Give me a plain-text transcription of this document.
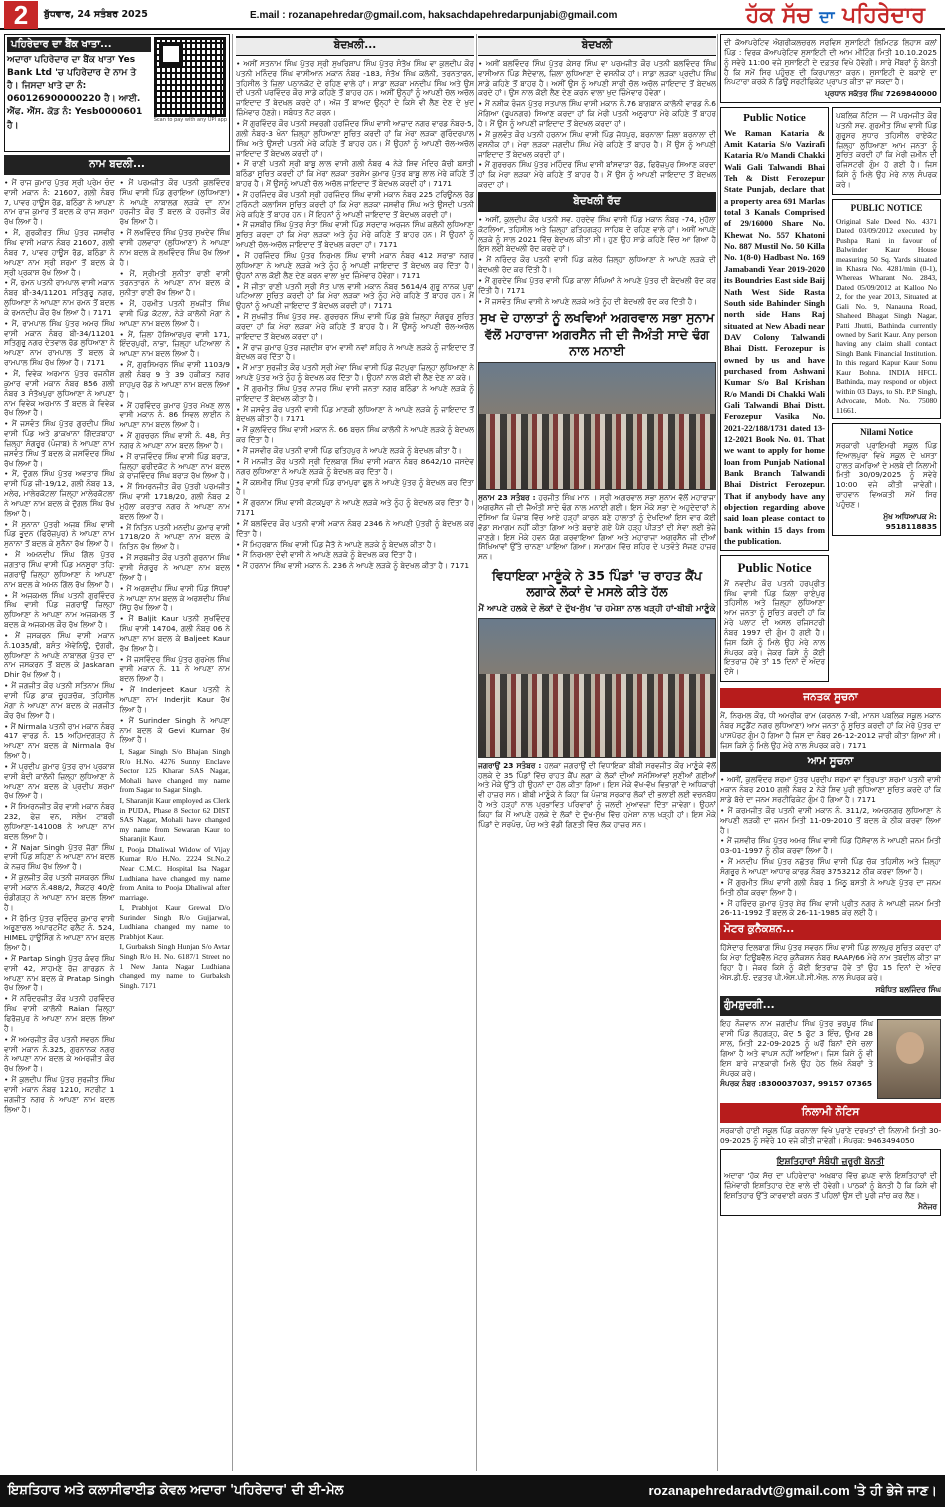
2	ਬੁੱਧਵਾਰ, 24 ਸਤੰਬਰ 2025	E.mail : rozanapehredar@gmail.com, haksachdapehredarpunjabi@gmail.com	ਹੱਕ ਸੱਚ ਦਾ ਪਹਿਰੇਦਾਰ
ਪਹਿਰੇਦਾਰ ਦਾ ਬੈਂਕ ਖਾਤਾ...
ਅਦਾਰਾ ਪਹਿਰੇਦਾਰ ਦਾ ਬੈਂਕ ਖਾਤਾ Yes Bank Ltd 'ਚ ਪਹਿਰੇਦਾਰ ਦੇ ਨਾਮ ਤੇ ਹੈ। ਜਿਸਦਾ ਖਾਤੇ ਦਾ ਨੰ: 060126900000220 ਹੈ। ਆਈ. ਐੱਫ. ਐੱਸ. ਕੋਡ ਨੰ: Yesb0000601 ਹੈ।
Scan to pay with any UPI app
ਨਾਮ ਬਦਲੀ...
• ਮੈਂ ਰਾਜ ਕੁਮਾਰ ਪੁੱਤਰ ਸ੍ਰੀ ਪ੍ਰੇਮ ਚੰਦ ਵਾਸੀ ਮਕਾਨ ਨੰ: 21607, ਗਲੀ ਨੰਬਰ 7, ਪਾਵਰ ਹਾਊਸ ਰੋਡ, ਬਠਿੰਡਾ ਨੇ ਆਪਣਾ ਨਾਮ ਰਾਜ ਕੁਮਾਰ ਤੋਂ ਬਦਲ ਕੇ ਰਾਜ ਸ਼ਰਮਾ ਰੱਖ ਲਿਆ ਹੈ।
• ਮੈਂ, ਗੁਰਕੀਰਤ ਸਿੰਘ ਪੁੱਤਰ ਜਸਵੀਰ ਸਿੰਘ ਵਾਸੀ ਮਕਾਨ ਨੰਬਰ 21607, ਗਲੀ ਨੰਬਰ 7, ਪਾਵਰ ਹਾਊਸ ਰੋਡ, ਬਠਿੰਡਾ ਨੇ ਆਪਣਾ ਨਾਮ ਸ੍ਰੀ ਸ਼ਰਮਾ ਤੋਂ ਬਦਲ ਕੇ ਸ੍ਰੀ ਪ੍ਰਕਾਸ਼ ਰੱਖ ਲਿਆ ਹੈ।
• ਮੈਂ, ਰਮਨ ਪਤਨੀ ਰਾਮਪਾਲ ਵਾਸੀ ਮਕਾਨ ਨੰਬਰ ਬੀ-34/11201 ਸਤਿਗੁਰੂ ਨਗਰ, ਲੁਧਿਆਣਾ ਨੇ ਆਪਣਾ ਨਾਮ ਰਮਨ ਤੋਂ ਬਦਲ ਕੇ ਰਮਨਦੀਪ ਕੌਰ ਰੱਖ ਲਿਆ ਹੈ। 7171
• ਮੈਂ, ਰਾਮਪਾਲ ਸਿੰਘ ਪੁੱਤਰ ਅਮਰ ਸਿੰਘ ਵਾਸੀ ਮਕਾਨ ਨੰਬਰ ਬੀ-34/11201 ਸਤਿਗੁਰੂ ਨਗਰ ਦੇਤਵਾਲ ਰੋਡ ਲੁਧਿਆਣਾ ਨੇ ਆਪਣਾ ਨਾਮ ਰਾਮਪਾਲ ਤੋਂ ਬਦਲ ਕੇ ਰਾਮਪਾਲ ਸਿੰਘ ਰੱਖ ਲਿਆ ਹੈ। 7171
• ਮੈਂ, ਵਿਵੇਕ ਅਰਮਾਨ ਪੁੱਤਰ ਰਜਨੀਸ਼ ਕੁਮਾਰ ਵਾਸੀ ਮਕਾਨ ਨੰਬਰ 856 ਗਲੀ ਨੰਬਰ 3 ਸੰਤੋਖਪੁਰਾ ਲੁਧਿਆਣਾ ਨੇ ਆਪਣਾ ਨਾਮ ਵਿਵੇਕ ਅਰਮਾਨ ਤੋਂ ਬਦਲ ਕੇ ਵਿਵੇਕ ਰੱਖ ਲਿਆ ਹੈ।
• ਮੈਂ ਜਸਵੰਤ ਸਿੰਘ ਪੁੱਤਰ ਗੁਰਦੀਪ ਸਿੰਘ ਵਾਸੀ ਪਿੰਡ ਅਤੇ ਡਾਕਖਾਨਾ ਗਿੱਦੜਬਾਹਾ ਜ਼ਿਲ੍ਹਾ ਸੰਗਰੂਰ (ਪੰਜਾਬ) ਨੇ ਆਪਣਾ ਨਾਮ ਜਸਵੰਤ ਸਿੰਘ ਤੋਂ ਬਦਲ ਕੇ ਜਸਵਿੰਦਰ ਸਿੰਘ ਰੱਖ ਲਿਆ ਹੈ।
• ਮੈਂ, ਦੁੱਗਲ ਸਿੰਘ ਪੁੱਤਰ ਅਵਤਾਰ ਸਿੰਘ ਵਾਸੀ ਪਿੰਡ ਜੀ-19/12, ਗਲੀ ਨੰਬਰ 13, ਮਲੇਰ, ਮਾਲੇਰਕੋਟਲਾ ਜਿਲ੍ਹਾ ਮਾਲੇਰਕੋਟਲਾ ਨੇ ਆਪਣਾ ਨਾਮ ਬਦਲ ਕੇ ਦੁੱਗਲ ਸਿੰਘ ਰੱਖ ਲਿਆ ਹੈ।
• ਮੈਂ ਸੁਨਾਨਾ ਪੁੱਤਰੀ ਅਜਬ ਸਿੰਘ ਵਾਸੀ ਪਿੰਡ ਭੂਦਨ (ਫਿਰੋਜ਼ਪੁਰ) ਨੇ ਆਪਣਾ ਨਾਮ ਸੁਨਾਨਾ ਤੋਂ ਬਦਲ ਕੇ ਸੁਨੈਨਾ ਰੱਖ ਲਿਆ ਹੈ।
• ਮੈਂ ਅਮਨਦੀਪ ਸਿੰਘ ਗਿੱਲ ਪੁੱਤਰ ਜਗਤਾਰ ਸਿੰਘ ਵਾਸੀ ਪਿੰਡ ਮਨਸੂਰਾ ਤਹਿ: ਜਗਰਾਉਂ ਜ਼ਿਲ੍ਹਾ ਲੁਧਿਆਣਾ ਨੇ ਆਪਣਾ ਨਾਮ ਬਦਲ ਕੇ ਅਮਨ ਗਿੱਲ ਰੱਖ ਲਿਆ ਹੈ।
• ਮੈਂ ਅਜਕਮਲ ਸਿੰਘ ਪਤਨੀ ਗੁਰਵਿੰਦਰ ਸਿੰਘ ਵਾਸੀ ਪਿੰਡ ਜਗਰਾਉਂ ਜ਼ਿਲ੍ਹਾ ਲੁਧਿਆਣਾ ਨੇ ਆਪਣਾ ਨਾਮ ਅਜਕਮਲ ਤੋਂ ਬਦਲ ਕੇ ਅਜਕਮਲ ਕੌਰ ਰੱਖ ਲਿਆ ਹੈ।
• ਮੈਂ ਜਸਕਰਨ ਸਿੰਘ ਵਾਸੀ ਮਕਾਨ ਨੰ.1035/ਬੀ, ਬਸੰਤ ਐਵੇਨਿਊ, ਦੁੱਗਰੀ, ਲੁਧਿਆਣਾ ਨੇ ਆਪਣੇ ਨਾਬਾਲਗ ਪੁੱਤਰ ਦਾ ਨਾਮ ਜਸਕਰਨ ਤੋਂ ਬਦਲ ਕੇ Jaskaran Dhir ਰੱਖ ਲਿਆ ਹੈ।
• ਮੈਂ ਜਗਜੀਤ ਕੌਰ ਪਤਨੀ ਸਤਿਨਾਮ ਸਿੰਘ ਵਾਸੀ ਪਿੰਡ ਡਾਕ ਚੂਹੜਚੱਕ, ਤਹਿਸੀਲ ਮੋਗਾ ਨੇ ਆਪਣਾ ਨਾਮ ਬਦਲ ਕੇ ਜਗਜੀਤ ਕੌਰ ਰੱਖ ਲਿਆ ਹੈ।
• ਮੈਂ Nirmala ਪਤਨੀ ਰਾਮ ਮਕਾਨ ਨੰਬਰ 417 ਵਾਰਡ ਨੰ. 15 ਅਹਿਮਦਗੜ੍ਹ ਨੇ ਆਪਣਾ ਨਾਮ ਬਦਲ ਕੇ Nirmala ਰੱਖ ਲਿਆ ਹੈ।
• ਮੈਂ ਪ੍ਰਦੀਪ ਕੁਮਾਰ ਪੁੱਤਰ ਰਾਮ ਪ੍ਰਕਾਸ਼ ਵਾਸੀ ਬੇਦੀ ਕਾਲੋਨੀ ਜ਼ਿਲ੍ਹਾ ਲੁਧਿਆਣਾ ਨੇ ਆਪਣਾ ਨਾਮ ਬਦਲ ਕੇ ਪ੍ਰਦੀਪ ਸ਼ਰਮਾ ਰੱਖ ਲਿਆ ਹੈ।
• ਮੈਂ ਸਿਮਰਨਜੀਤ ਕੌਰ ਵਾਸੀ ਮਕਾਨ ਨੰਬਰ 232, ਫੇਜ਼ ਵਨ, ਸਲੇਮ ਟਾਬਰੀ ਲੁਧਿਆਣਾ-141008 ਨੇ ਆਪਣਾ ਨਾਮ ਬਦਲ ਲਿਆ ਹੈ।
• ਮੈਂ Najar Singh ਪੁੱਤਰ ਜੋਗਾ ਸਿੰਘ ਵਾਸੀ ਪਿੰਡ ਸ਼ਹਿਣਾ ਨੇ ਆਪਣਾ ਨਾਮ ਬਦਲ ਕੇ ਨਜ਼ਰ ਸਿੰਘ ਰੱਖ ਲਿਆ ਹੈ।
• ਮੈਂ ਕੁਲਜੀਤ ਕੌਰ ਪਤਨੀ ਜਸਕਰਨ ਸਿੰਘ ਵਾਸੀ ਮਕਾਨ ਨੰ.488/2, ਸੈਕਟਰ 40/ਏ ਚੰਡੀਗੜ੍ਹ ਨੇ ਆਪਣਾ ਨਾਮ ਬਦਲ ਲਿਆ ਹੈ।
• ਮੈਂ ਰੋਮਿਤ ਪੁੱਤਰ ਵਰਿੰਦਰ ਕੁਮਾਰ ਵਾਸੀ ਅਰੂਣਾਚਲ ਅਪਾਰਟਮੈਂਟ ਫਲੈਟ ਨੰ. 524, HIMEL ਹਾਊਸਿੰਗ ਨੇ ਆਪਣਾ ਨਾਮ ਬਦਲ ਲਿਆ ਹੈ।
• ਮੈਂ Partap Singh ਪੁੱਤਰ ਕੰਵਰ ਸਿੰਘ ਵਾਸੀ 42, ਸਾਹਮਣੇ ਰੋਜ਼ ਗਾਰਡਨ ਨੇ ਆਪਣਾ ਨਾਮ ਬਦਲ ਕੇ Pratap Singh ਰੱਖ ਲਿਆ ਹੈ।
• ਮੈਂ ਨਰਿੰਦਰਜੀਤ ਕੌਰ ਪਤਨੀ ਹਰਵਿੰਦਰ ਸਿੰਘ ਵਾਸੀ ਕਾਲੋਨੀ Raian ਜ਼ਿਲ੍ਹਾ ਫਿਰੋਜ਼ਪੁਰ ਨੇ ਆਪਣਾ ਨਾਮ ਬਦਲ ਲਿਆ ਹੈ।
• ਮੈਂ ਅਮਰਜੀਤ ਕੌਰ ਪਤਨੀ ਸਵਰਨ ਸਿੰਘ ਵਾਸੀ ਮਕਾਨ ਨੰ.325, ਗੁਰਨਾਨਕ ਨਗਰ ਨੇ ਆਪਣਾ ਨਾਮ ਬਦਲ ਕੇ ਅਮਰਜੀਤ ਕੌਰ ਰੱਖ ਲਿਆ ਹੈ।
• ਮੈਂ ਕੁਲਦੀਪ ਸਿੰਘ ਪੁੱਤਰ ਸੁਰਜੀਤ ਸਿੰਘ ਵਾਸੀ ਮਕਾਨ ਨੰਬਰ 1210, ਸਟਰੀਟ 1 ਜਗਜੀਤ ਨਗਰ ਨੇ ਆਪਣਾ ਨਾਮ ਬਦਲ ਲਿਆ ਹੈ।
• ਮੈਂ ਪਰਮਜੀਤ ਕੌਰ ਪਤਨੀ ਕੁਲਵਿੰਦਰ ਸਿੰਘ ਵਾਸੀ ਪਿੰਡ ਗੁਰਾਇਆ (ਲੁਧਿਆਣਾ) ਨੇ ਆਪਣੇ ਨਾਬਾਲਗ ਲੜਕੇ ਦਾ ਨਾਮ ਹਰਜੀਤ ਕੌਰ ਤੋਂ ਬਦਲ ਕੇ ਹਰਜੀਤ ਕੌਰ ਰੱਖ ਲਿਆ ਹੈ।
• ਮੈਂ ਲਖਵਿੰਦਰ ਸਿੰਘ ਪੁੱਤਰ ਸੁਖਦੇਵ ਸਿੰਘ ਵਾਸੀ ਹਲਵਾਰਾ (ਲੁਧਿਆਣਾ) ਨੇ ਆਪਣਾ ਨਾਮ ਬਦਲ ਕੇ ਲਖਵਿੰਦਰ ਸਿੰਘ ਰੱਖ ਲਿਆ ਹੈ।
• ਮੈਂ, ਸ੍ਰੀਮਤੀ ਸੁਨੀਤਾ ਰਾਣੀ ਵਾਸੀ ਤਰਨਤਾਰਨ ਨੇ ਆਪਣਾ ਨਾਮ ਬਦਲ ਕੇ ਸੁਨੀਤਾ ਰਾਣੀ ਰੱਖ ਲਿਆ ਹੈ।
• ਮੈਂ, ਹਰਮੀਤ ਪਤਨੀ ਸੁਖਜੀਤ ਸਿੰਘ ਵਾਸੀ ਪਿੰਡ ਕੋਟਲਾ, ਨੇੜੇ ਕਾਲੋਨੀ ਮੋਗਾ ਨੇ ਆਪਣਾ ਨਾਮ ਬਦਲ ਲਿਆ ਹੈ।
• ਮੈਂ, ਜ਼ਿਲਾ ਹੋਸ਼ਿਆਰਪੁਰ ਵਾਸੀ 171, ਇੰਦਰਪੁਰੀ, ਨਾਭਾ, ਜ਼ਿਲ੍ਹਾ ਪਟਿਆਲਾ ਨੇ ਆਪਣਾ ਨਾਮ ਬਦਲ ਲਿਆ ਹੈ।
• ਮੈਂ, ਗੁਰਸਿਮਰਨ ਸਿੰਘ ਵਾਸੀ 1103/9 ਗਲੀ ਨੰਬਰ 9 ਤੇ 39 ਹਕੀਕਤ ਨਗਰ ਸ਼ਾਹਪੁਰ ਰੋਡ ਨੇ ਆਪਣਾ ਨਾਮ ਬਦਲ ਲਿਆ ਹੈ।
• ਮੈਂ ਹਰਵਿੰਦਰ ਕੁਮਾਰ ਪੁੱਤਰ ਮੱਖਣ ਲਾਲ ਵਾਸੀ ਮਕਾਨ ਨੰ. 86 ਸਿਵਲ ਲਾਈਨ ਨੇ ਆਪਣਾ ਨਾਮ ਬਦਲ ਲਿਆ ਹੈ।
• ਮੈਂ ਗੁਰਚਰਨ ਸਿੰਘ ਵਾਸੀ ਨੰ. 48, ਸੰਤ ਨਗਰ ਨੇ ਆਪਣਾ ਨਾਮ ਬਦਲ ਲਿਆ ਹੈ।
• ਮੈਂ ਰਾਜਵਿੰਦਰ ਸਿੰਘ ਵਾਸੀ ਪਿੰਡ ਬਰਾੜ, ਜ਼ਿਲ੍ਹਾ ਫਰੀਦਕੋਟ ਨੇ ਆਪਣਾ ਨਾਮ ਬਦਲ ਕੇ ਰਾਜਵਿੰਦਰ ਸਿੰਘ ਬਰਾੜ ਰੱਖ ਲਿਆ ਹੈ।
• ਮੈਂ ਸਿਮਰਨਜੀਤ ਕੌਰ ਪੁੱਤਰੀ ਪਰਮਜੀਤ ਸਿੰਘ ਵਾਸੀ 1718/20, ਗਲੀ ਨੰਬਰ 2 ਮੁਹੱਲਾ ਕਰਤਾਰ ਨਗਰ ਨੇ ਆਪਣਾ ਨਾਮ ਬਦਲ ਲਿਆ ਹੈ।
• ਮੈਂ ਨਿਤਿਨ ਪਤਨੀ ਮਨਦੀਪ ਕੁਮਾਰ ਵਾਸੀ 1718/20 ਨੇ ਆਪਣਾ ਨਾਮ ਬਦਲ ਕੇ ਨਿਤਿਨ ਰੱਖ ਲਿਆ ਹੈ।
• ਮੈਂ ਸਰਬਜੀਤ ਕੌਰ ਪਤਨੀ ਗੁਰਨਾਮ ਸਿੰਘ ਵਾਸੀ ਸੰਗਰੂਰ ਨੇ ਆਪਣਾ ਨਾਮ ਬਦਲ ਲਿਆ ਹੈ।
• ਮੈਂ ਅਰਸ਼ਦੀਪ ਸਿੰਘ ਵਾਸੀ ਪਿੰਡ ਸਿੱਧਵਾਂ ਨੇ ਆਪਣਾ ਨਾਮ ਬਦਲ ਕੇ ਅਰਸ਼ਦੀਪ ਸਿੰਘ ਸਿੱਧੂ ਰੱਖ ਲਿਆ ਹੈ।
• ਮੈਂ Baljit Kaur ਪਤਨੀ ਸੁਖਵਿੰਦਰ ਸਿੰਘ ਵਾਸੀ 14704, ਗਲੀ ਨੰਬਰ 06 ਨੇ ਆਪਣਾ ਨਾਮ ਬਦਲ ਕੇ Baljeet Kaur ਰੱਖ ਲਿਆ ਹੈ।
• ਮੈਂ ਜਸਵਿੰਦਰ ਸਿੰਘ ਪੁੱਤਰ ਗੁਰਮੇਲ ਸਿੰਘ ਵਾਸੀ ਮਕਾਨ ਨੰ. 11 ਨੇ ਆਪਣਾ ਨਾਮ ਬਦਲ ਲਿਆ ਹੈ।
• ਮੈਂ Inderjeet Kaur ਪਤਨੀ ਨੇ ਆਪਣਾ ਨਾਮ Inderjit Kaur ਰੱਖ ਲਿਆ ਹੈ।
• ਮੈਂ Surinder Singh ਨੇ ਆਪਣਾ ਨਾਮ ਬਦਲ ਕੇ Gevi Kumar ਰੱਖ ਲਿਆ ਹੈ।
I, Sagar Singh S/o Bhajan Singh R/o H.No. 4276 Sunny Enclave Sector 125 Kharar SAS Nagar, Mohali have changed my name from Sagar to Sagar Singh.
I, Sharanjit Kaur employed as Clerk in PUDA, Phase 8 Sector 62 DIST SAS Nagar, Mohali have changed my name from Sewaran Kaur to Sharanjit Kaur.
I, Pooja Dhaliwal Widow of Vijay Kumar R/o H.No. 2224 St.No.2 Near C.M.C. Hospital Isa Nagar Ludhiana have changed my name from Anita to Pooja Dhaliwal after marriage.
I, Prabhjot Kaur Grewal D/o Surinder Singh R/o Gujjarwal, Ludhiana changed my name to Prabhjot Kaur.
I, Gurbaksh Singh Hunjan S/o Avtar Singh R/o H. No. 6187/1 Street no 1 New Janta Nagar Ludhiana changed my name to Gurbaksh Singh. 7171
ਬੇਦਖ਼ਲੀ...
• ਅਸੀਂ ਸਤਨਾਮ ਸਿੰਘ ਪੁੱਤਰ ਸ੍ਰੀ ਸੁਖਰਿਸ਼ਾਪ ਸਿੰਘ ਪੁੱਤਰ ਸੰਤੋਖ ਸਿੰਘ ਵਾ ਕੁਲਦੀਪ ਕੌਰ ਪਤਨੀ ਮਨਿੰਦਰ ਸਿੰਘ ਵਾਸੀਆਨ ਮਕਾਨ ਨੰਬਰ -183, ਸੰਤੋਖ ਸਿੰਘ ਕਲੋਨੀ, ਤਰਨਤਾਰਨ, ਤਹਿਸੀਲ ਤੇ ਜ਼ਿਲਾ ਪਠਾਨਕੋਟ ਦੇ ਰਹਿਣ ਵਾਲੇ ਹਾਂ। ਸਾਡਾ ਲੜਕਾ ਮਨਦੀਪ ਸਿੰਘ ਅਤੇ ਉਸ ਦੀ ਪਤਨੀ ਪਰਵਿੰਦਰ ਕੌਰ ਸਾਡੇ ਕਹਿਣੇ ਤੋਂ ਬਾਹਰ ਹਨ। ਅਸੀਂ ਉਨ੍ਹਾਂ ਨੂੰ ਆਪਣੀ ਚੱਲ ਅਚੱਲ ਜਾਇਦਾਦ ਤੋਂ ਬੇਦਖ਼ਲ ਕਰਦੇ ਹਾਂ। ਅੱਜ ਤੋਂ ਬਾਅਦ ਉਨ੍ਹਾਂ ਦੇ ਕਿਸੇ ਵੀ ਲੈਣ ਦੇਣ ਦੇ ਖੁਦ ਜ਼ਿੰਮੇਵਾਰ ਹੋਣਗੇ। ਸਬੰਧਤ ਨੋਟ ਕਰਨ।
• ਮੈਂ ਗੁਰਵਿੰਦਰ ਕੌਰ ਪਤਨੀ ਸਵਰਗੀ ਹਰਜਿੰਦਰ ਸਿੰਘ ਵਾਸੀ ਆਜ਼ਾਦ ਨਗਰ ਵਾਰਡ ਨੰਬਰ-5, ਗਲੀ ਨੰਬਰ-3 ਖੰਨਾ ਜ਼ਿਲ੍ਹਾ ਲੁਧਿਆਣਾ ਸੂਚਿਤ ਕਰਦੀ ਹਾਂ ਕਿ ਮੇਰਾ ਲੜਕਾ ਗੁਰਿੰਦਰਪਾਲ ਸਿੰਘ ਅਤੇ ਉਸਦੀ ਪਤਨੀ ਮੇਰੇ ਕਹਿਣੇ ਤੋਂ ਬਾਹਰ ਹਨ। ਮੈਂ ਉਹਨਾਂ ਨੂੰ ਆਪਣੀ ਚੱਲ-ਅਚੱਲ ਜਾਇਦਾਦ ਤੋਂ ਬੇਦਖਲ ਕਰਦੀ ਹਾਂ।
• ਮੈਂ ਰਾਣੀ ਪਤਨੀ ਸ੍ਰੀ ਬਾਬੂ ਲਾਲ ਵਾਸੀ ਗਲੀ ਨੰਬਰ 4 ਨੇੜੇ ਸ਼ਿਵ ਮੰਦਿਰ ਕੱਚੀ ਬਸਤੀ ਬਠਿੰਡਾ ਸੂਚਿਤ ਕਰਦੀ ਹਾਂ ਕਿ ਮੇਰਾ ਲੜਕਾ ਤਰਸੇਮ ਕੁਮਾਰ ਪੁੱਤਰ ਬਾਬੂ ਲਾਲ ਮੇਰੇ ਕਹਿਣੇ ਤੋਂ ਬਾਹਰ ਹੈ। ਮੈਂ ਉਸਨੂੰ ਆਪਣੀ ਚੱਲ ਅਚੱਲ ਜਾਇਦਾਦ ਤੋਂ ਬੇਦਖਲ ਕਰਦੀ ਹਾਂ। 7171
• ਮੈਂ ਹਰਜਿੰਦਰ ਕੌਰ ਪਤਨੀ ਸ੍ਰੀ ਹਰਜਿੰਦਰ ਸਿੰਘ ਵਾਸੀ ਮਕਾਨ ਨੰਬਰ 225 ਟਰਿਊਨਲ ਰੋਡ ਟਰਿੰਨਟੀ ਕਲਾਸਿਸ ਸੂਚਿਤ ਕਰਦੀ ਹਾਂ ਕਿ ਮੇਰਾ ਲੜਕਾ ਜਸਵੀਰ ਸਿੰਘ ਅਤੇ ਉਸਦੀ ਪਤਨੀ ਮੇਰੇ ਕਹਿਣੇ ਤੋਂ ਬਾਹਰ ਹਨ। ਮੈਂ ਇਹਨਾਂ ਨੂੰ ਆਪਣੀ ਜਾਇਦਾਦ ਤੋਂ ਬੇਦਖਲ ਕਰਦੀ ਹਾਂ।
• ਮੈਂ ਜਸਬੀਰ ਸਿੰਘ ਪੁੱਤਰ ਸੰਤਾ ਸਿੰਘ ਵਾਸੀ ਪਿੰਡ ਸਰਦਾਰ ਅਰਜਨ ਸਿੰਘ ਕਲੋਨੀ ਲੁਧਿਆਣਾ ਸੂਚਿਤ ਕਰਦਾ ਹਾਂ ਕਿ ਮੇਰਾ ਲੜਕਾ ਅਤੇ ਨੂੰਹ ਮੇਰੇ ਕਹਿਣੇ ਤੋਂ ਬਾਹਰ ਹਨ। ਮੈਂ ਉਹਨਾਂ ਨੂੰ ਆਪਣੀ ਚੱਲ-ਅਚੱਲ ਜਾਇਦਾਦ ਤੋਂ ਬੇਦਖਲ ਕਰਦਾ ਹਾਂ। 7171
• ਮੈਂ ਹਰਜਿੰਦਰ ਸਿੰਘ ਪੁੱਤਰ ਨਿਰਮਲ ਸਿੰਘ ਵਾਸੀ ਮਕਾਨ ਨੰਬਰ 412 ਸਰਾਭਾ ਨਗਰ ਲੁਧਿਆਣਾ ਨੇ ਆਪਣੇ ਲੜਕੇ ਅਤੇ ਨੂੰਹ ਨੂੰ ਆਪਣੀ ਜਾਇਦਾਦ ਤੋਂ ਬੇਦਖਲ ਕਰ ਦਿੱਤਾ ਹੈ। ਉਹਨਾਂ ਨਾਲ ਕੋਈ ਲੈਣ ਦੇਣ ਕਰਨ ਵਾਲਾ ਖੁਦ ਜ਼ਿੰਮੇਵਾਰ ਹੋਵੇਗਾ। 7171
• ਮੈਂ ਜੀਤਾ ਰਾਣੀ ਪਤਨੀ ਸ੍ਰੀ ਸੱਤ ਪਾਲ ਵਾਸੀ ਮਕਾਨ ਨੰਬਰ 5614/4 ਗੁਰੂ ਨਾਨਕ ਪੁਰਾ ਪਟਿਆਲਾ ਸੂਚਿਤ ਕਰਦੀ ਹਾਂ ਕਿ ਮੇਰਾ ਲੜਕਾ ਅਤੇ ਨੂੰਹ ਮੇਰੇ ਕਹਿਣੇ ਤੋਂ ਬਾਹਰ ਹਨ। ਮੈਂ ਉਹਨਾਂ ਨੂੰ ਆਪਣੀ ਜਾਇਦਾਦ ਤੋਂ ਬੇਦਖਲ ਕਰਦੀ ਹਾਂ। 7171
• ਮੈਂ ਸੁਖਜੀਤ ਸਿੰਘ ਪੁੱਤਰ ਸਵ. ਗੁਰਚਰਨ ਸਿੰਘ ਵਾਸੀ ਪਿੰਡ ਕੁੱਬੇ ਜ਼ਿਲ੍ਹਾ ਸੰਗਰੂਰ ਸੂਚਿਤ ਕਰਦਾ ਹਾਂ ਕਿ ਮੇਰਾ ਲੜਕਾ ਮੇਰੇ ਕਹਿਣੇ ਤੋਂ ਬਾਹਰ ਹੈ। ਮੈਂ ਉਸਨੂੰ ਆਪਣੀ ਚੱਲ-ਅਚੱਲ ਜਾਇਦਾਦ ਤੋਂ ਬੇਦਖਲ ਕਰਦਾ ਹਾਂ।
• ਮੈਂ ਰਾਜ ਕੁਮਾਰ ਪੁੱਤਰ ਜਗਦੀਸ਼ ਰਾਮ ਵਾਸੀ ਨਵਾਂ ਸ਼ਹਿਰ ਨੇ ਆਪਣੇ ਲੜਕੇ ਨੂੰ ਜਾਇਦਾਦ ਤੋਂ ਬੇਦਖਲ ਕਰ ਦਿੱਤਾ ਹੈ।
• ਮੈਂ ਮਾਤਾ ਸੁਰਜੀਤ ਕੌਰ ਪਤਨੀ ਸ੍ਰੀ ਮੇਵਾ ਸਿੰਘ ਵਾਸੀ ਪਿੰਡ ਜੱਟਪੁਰਾ ਜ਼ਿਲ੍ਹਾ ਲੁਧਿਆਣਾ ਨੇ ਆਪਣੇ ਪੁੱਤਰ ਅਤੇ ਨੂੰਹ ਨੂੰ ਬੇਦਖਲ ਕਰ ਦਿੱਤਾ ਹੈ। ਉਹਨਾਂ ਨਾਲ ਕੋਈ ਵੀ ਲੈਣ ਦੇਣ ਨਾ ਕਰੇ।
• ਮੈਂ ਗੁਰਮੀਤ ਸਿੰਘ ਪੁੱਤਰ ਨਾਜਰ ਸਿੰਘ ਵਾਸੀ ਜਨਤਾ ਨਗਰ ਬਠਿੰਡਾ ਨੇ ਆਪਣੇ ਲੜਕੇ ਨੂੰ ਜਾਇਦਾਦ ਤੋਂ ਬੇਦਖਲ ਕੀਤਾ ਹੈ।
• ਮੈਂ ਜਸਵੰਤ ਕੌਰ ਪਤਨੀ ਵਾਸੀ ਪਿੰਡ ਮਾਣਕੀ ਲੁਧਿਆਣਾ ਨੇ ਆਪਣੇ ਲੜਕੇ ਨੂੰ ਜਾਇਦਾਦ ਤੋਂ ਬੇਦਖਲ ਕੀਤਾ ਹੈ। 7171
• ਮੈਂ ਕੁਲਵਿੰਦਰ ਸਿੰਘ ਵਾਸੀ ਮਕਾਨ ਨੰ. 66 ਬਚਨ ਸਿੰਘ ਕਾਲੋਨੀ ਨੇ ਆਪਣੇ ਲੜਕੇ ਨੂੰ ਬੇਦਖਲ ਕਰ ਦਿੱਤਾ ਹੈ।
• ਮੈਂ ਜਸਵੀਰ ਕੌਰ ਪਤਨੀ ਵਾਸੀ ਪਿੰਡ ਫਤਿਹਪੁਰ ਨੇ ਆਪਣੇ ਲੜਕੇ ਨੂੰ ਬੇਦਖਲ ਕੀਤਾ ਹੈ।
• ਮੈਂ ਮਨਜੀਤ ਕੌਰ ਪਤਨੀ ਸ੍ਰੀ ਦਿਲਬਾਗ ਸਿੰਘ ਵਾਸੀ ਮਕਾਨ ਨੰਬਰ 8642/10 ਜਸਦੇਵ ਨਗਰ ਲੁਧਿਆਣਾ ਨੇ ਆਪਣੇ ਲੜਕੇ ਨੂੰ ਬੇਦਖਲ ਕਰ ਦਿੱਤਾ ਹੈ।
• ਮੈਂ ਕਸ਼ਮੀਰ ਸਿੰਘ ਪੁੱਤਰ ਵਾਸੀ ਪਿੰਡ ਰਾਮਪੁਰਾ ਫੂਲ ਨੇ ਆਪਣੇ ਪੁੱਤਰ ਨੂੰ ਬੇਦਖਲ ਕਰ ਦਿੱਤਾ ਹੈ।
• ਮੈਂ ਗੁਰਨਾਮ ਸਿੰਘ ਵਾਸੀ ਕੋਟਕਪੂਰਾ ਨੇ ਆਪਣੇ ਲੜਕੇ ਅਤੇ ਨੂੰਹ ਨੂੰ ਬੇਦਖਲ ਕਰ ਦਿੱਤਾ ਹੈ। 7171
• ਮੈਂ ਬਲਵਿੰਦਰ ਕੌਰ ਪਤਨੀ ਵਾਸੀ ਮਕਾਨ ਨੰਬਰ 2346 ਨੇ ਆਪਣੀ ਪੁੱਤਰੀ ਨੂੰ ਬੇਦਖਲ ਕਰ ਦਿੱਤਾ ਹੈ।
• ਮੈਂ ਮਿਹਰਬਾਨ ਸਿੰਘ ਵਾਸੀ ਪਿੰਡ ਜੈਤੋ ਨੇ ਆਪਣੇ ਲੜਕੇ ਨੂੰ ਬੇਦਖਲ ਕੀਤਾ ਹੈ।
• ਮੈਂ ਨਿਰਮਲਾ ਦੇਵੀ ਵਾਸੀ ਨੇ ਆਪਣੇ ਲੜਕੇ ਨੂੰ ਬੇਦਖਲ ਕਰ ਦਿੱਤਾ ਹੈ।
• ਮੈਂ ਹਰਨਾਮ ਸਿੰਘ ਵਾਸੀ ਮਕਾਨ ਨੰ. 236 ਨੇ ਆਪਣੇ ਲੜਕੇ ਨੂੰ ਬੇਦਖਲ ਕੀਤਾ ਹੈ। 7171
ਬੇਦਖਲੀ
• ਅਸੀਂ ਬਲਵਿੰਦਰ ਸਿੰਘ ਪੁੱਤਰ ਕੇਸਰ ਸਿੰਘ ਵਾ ਪਰਮਜੀਤ ਕੌਰ ਪਤਨੀ ਬਲਵਿੰਦਰ ਸਿੰਘ ਵਾਸੀਆਨ ਪਿੰਡ ਸੈਦੇਵਾਲ, ਜ਼ਿਲਾ ਲੁਧਿਆਣਾ ਦੇ ਵਸਨੀਕ ਹਾਂ। ਸਾਡਾ ਲੜਕਾ ਪ੍ਰਦੀਪ ਸਿੰਘ ਸਾਡੇ ਕਹਿਣੇ ਤੋਂ ਬਾਹਰ ਹੈ। ਅਸੀਂ ਉਸ ਨੂੰ ਆਪਣੀ ਸਾਰੀ ਚੱਲ ਅਚੱਲ ਜਾਇਦਾਦ ਤੋਂ ਬੇਦਖਲ ਕਰਦੇ ਹਾਂ। ਉਸ ਨਾਲ ਕੋਈ ਲੈਣ ਦੇਣ ਕਰਨ ਵਾਲਾ ਖੁਦ ਜ਼ਿੰਮੇਵਾਰ ਹੋਵੇਗਾ।
• ਮੈਂ ਨਸ਼ੀਕ ਰੰਜਨ ਪੁੱਤਰ ਸਤਪਾਲ ਸਿੰਘ ਵਾਸੀ ਮਕਾਨ ਨੰ.76 ਬਾਗਬਾਨ ਕਾਲੋਨੀ ਵਾਰਡ ਨੰ.6 ਮੋਗਿਆ (ਰੂਪਨਗਰ) ਸਿਆਣ ਕਰਦਾ ਹਾਂ ਕਿ ਮੇਰੀ ਪਤਨੀ ਅਨੂਰਾਧਾ ਮੇਰੇ ਕਹਿਣੇ ਤੋਂ ਬਾਹਰ ਹੈ। ਮੈਂ ਉਸ ਨੂੰ ਆਪਣੀ ਜਾਇਦਾਦ ਤੋਂ ਬੇਦਖਲ ਕਰਦਾ ਹਾਂ।
• ਮੈਂ ਕੁਲਵੰਤ ਕੌਰ ਪਤਨੀ ਹਰਨਾਮ ਸਿੰਘ ਵਾਸੀ ਪਿੰਡ ਜੋਧਪੁਰ, ਬਰਨਾਲਾ ਜ਼ਿਲਾ ਬਰਨਾਲਾ ਦੀ ਵਸਨੀਕ ਹਾਂ। ਮੇਰਾ ਲੜਕਾ ਜਗਦੀਪ ਸਿੰਘ ਮੇਰੇ ਕਹਿਣੇ ਤੋਂ ਬਾਹਰ ਹੈ। ਮੈਂ ਉਸ ਨੂੰ ਆਪਣੀ ਜਾਇਦਾਦ ਤੋਂ ਬੇਦਖਲ ਕਰਦੀ ਹਾਂ।
• ਮੈਂ ਗੁਰਚਰਨ ਸਿੰਘ ਪੁੱਤਰ ਮਹਿੰਦਰ ਸਿੰਘ ਵਾਸੀ ਬਾਂਸਵਾੜਾ ਰੋਡ, ਫਿਰੋਜ਼ਪੁਰ ਸਿਆਣ ਕਰਦਾ ਹਾਂ ਕਿ ਮੇਰਾ ਲੜਕਾ ਮੇਰੇ ਕਹਿਣੇ ਤੋਂ ਬਾਹਰ ਹੈ। ਮੈਂ ਉਸ ਨੂੰ ਆਪਣੀ ਜਾਇਦਾਦ ਤੋਂ ਬੇਦਖਲ ਕਰਦਾ ਹਾਂ।
ਬੇਦਖਲੀ ਰੱਦ
• ਅਸੀਂ, ਕੁਲਦੀਪ ਕੌਰ ਪਤਨੀ ਸਵ. ਹਰਦੇਵ ਸਿੰਘ ਵਾਸੀ ਪਿੰਡ ਮਕਾਨ ਨੰਬਰ -74, ਮੁਹੱਲਾ ਕੋਟਲਿਆ, ਤਹਿਸੀਲ ਅਤੇ ਜ਼ਿਲ੍ਹਾ ਫ਼ਤਿਹਗੜ੍ਹ ਸਾਹਿਬ ਦੇ ਰਹਿਣ ਵਾਲੇ ਹਾਂ। ਅਸੀਂ ਆਪਣੇ ਲੜਕੇ ਨੂੰ ਸਾਲ 2021 ਵਿੱਚ ਬੇਦਖਲ ਕੀਤਾ ਸੀ। ਹੁਣ ਉਹ ਸਾਡੇ ਕਹਿਣੇ ਵਿੱਚ ਆ ਗਿਆ ਹੈ ਇਸ ਲਈ ਬੇਦਖਲੀ ਰੱਦ ਕਰਦੇ ਹਾਂ।
• ਮੈਂ ਨਰਿੰਦਰ ਕੌਰ ਪਤਨੀ ਵਾਸੀ ਪਿੰਡ ਕਲੇਰ ਜ਼ਿਲ੍ਹਾ ਲੁਧਿਆਣਾ ਨੇ ਆਪਣੇ ਲੜਕੇ ਦੀ ਬੇਦਖਲੀ ਰੱਦ ਕਰ ਦਿੱਤੀ ਹੈ।
• ਮੈਂ ਗੁਰਦੇਵ ਸਿੰਘ ਪੁੱਤਰ ਵਾਸੀ ਪਿੰਡ ਕਾਲਾ ਸੰਘਿਆਂ ਨੇ ਆਪਣੇ ਪੁੱਤਰ ਦੀ ਬੇਦਖਲੀ ਰੱਦ ਕਰ ਦਿੱਤੀ ਹੈ। 7171
• ਮੈਂ ਜਸਵੰਤ ਸਿੰਘ ਵਾਸੀ ਨੇ ਆਪਣੇ ਲੜਕੇ ਅਤੇ ਨੂੰਹ ਦੀ ਬੇਦਖਲੀ ਰੱਦ ਕਰ ਦਿੱਤੀ ਹੈ।
ਸੁਖ ਦੇ ਹਾਲਾਤਾਂ ਨੂੰ ਲਖਵਿਆਂ ਅਗਰਵਾਲ ਸਭਾ ਸੁਨਾਮ ਵੱਲੋਂ ਮਹਾਰਾਜਾ ਅਗਰਸੈਨ ਜੀ ਦੀ ਜੈਅੰਤੀ ਸਾਦੇ ਢੰਗ ਨਾਲ ਮਨਾਈ
ਸੁਨਾਮ 23 ਸਤੰਬਰ : ਹਰਜੀਤ ਸਿੰਘ ਮਾਨ । ਸ੍ਰੀ ਅਗਰਵਾਲ ਸਭਾ ਸੁਨਾਮ ਵੱਲੋਂ ਮਹਾਰਾਜਾ ਅਗਰਸੈਨ ਜੀ ਦੀ ਜੈਅੰਤੀ ਸਾਦੇ ਢੰਗ ਨਾਲ ਮਨਾਈ ਗਈ। ਇਸ ਮੌਕੇ ਸਭਾ ਦੇ ਅਹੁਦੇਦਾਰਾਂ ਨੇ ਦੱਸਿਆ ਕਿ ਪੰਜਾਬ ਵਿੱਚ ਆਏ ਹੜ੍ਹਾਂ ਕਾਰਨ ਬਣੇ ਹਾਲਾਤਾਂ ਨੂੰ ਦੇਖਦਿਆਂ ਇਸ ਵਾਰ ਕੋਈ ਵੱਡਾ ਸਮਾਗਮ ਨਹੀਂ ਕੀਤਾ ਗਿਆ ਅਤੇ ਬਚਾਏ ਗਏ ਪੈਸੇ ਹੜ੍ਹ ਪੀੜਤਾਂ ਦੀ ਸੇਵਾ ਲਈ ਭੇਜੇ ਜਾਣਗੇ। ਇਸ ਮੌਕੇ ਹਵਨ ਯੱਗ ਕਰਵਾਇਆ ਗਿਆ ਅਤੇ ਮਹਾਰਾਜਾ ਅਗਰਸੈਨ ਜੀ ਦੀਆਂ ਸਿੱਖਿਆਵਾਂ ਉੱਤੇ ਚਾਨਣਾ ਪਾਇਆ ਗਿਆ। ਸਮਾਗਮ ਵਿੱਚ ਸ਼ਹਿਰ ਦੇ ਪਤਵੰਤੇ ਸੱਜਣ ਹਾਜ਼ਰ ਸਨ।
ਵਿਧਾਇਕਾ ਮਾਣੂੰਕੇ ਨੇ 35 ਪਿੰਡਾਂ 'ਚ ਰਾਹਤ ਕੈਂਪ ਲਗਾਕੇ ਲੋਕਾਂ ਦੇ ਮਸਲੇ ਕੀਤੇ ਹੱਲ
ਮੈਂ ਆਪਣੇ ਹਲਕੇ ਦੇ ਲੋਕਾਂ ਦੇ ਦੁੱਖ-ਸੁੱਖ 'ਚ ਹਮੇਸ਼ਾ ਨਾਲ ਖੜ੍ਹੀ ਹਾਂ-ਬੀਬੀ ਮਾਣੂੰਕੇ
ਜਗਰਾਉਂ 23 ਸਤੰਬਰ : ਹਲਕਾ ਜਗਰਾਉਂ ਦੀ ਵਿਧਾਇਕਾ ਬੀਬੀ ਸਰਵਜੀਤ ਕੌਰ ਮਾਣੂੰਕੇ ਵੱਲੋਂ ਹਲਕੇ ਦੇ 35 ਪਿੰਡਾਂ ਵਿੱਚ ਰਾਹਤ ਕੈਂਪ ਲਗਾ ਕੇ ਲੋਕਾਂ ਦੀਆਂ ਸਮੱਸਿਆਵਾਂ ਸੁਣੀਆਂ ਗਈਆਂ ਅਤੇ ਮੌਕੇ ਉੱਤੇ ਹੀ ਉਹਨਾਂ ਦਾ ਹੱਲ ਕੀਤਾ ਗਿਆ। ਇਸ ਮੌਕੇ ਵੱਖ-ਵੱਖ ਵਿਭਾਗਾਂ ਦੇ ਅਧਿਕਾਰੀ ਵੀ ਹਾਜ਼ਰ ਸਨ। ਬੀਬੀ ਮਾਣੂੰਕੇ ਨੇ ਕਿਹਾ ਕਿ ਪੰਜਾਬ ਸਰਕਾਰ ਲੋਕਾਂ ਦੀ ਭਲਾਈ ਲਈ ਵਚਨਬੱਧ ਹੈ ਅਤੇ ਹੜ੍ਹਾਂ ਨਾਲ ਪ੍ਰਭਾਵਿਤ ਪਰਿਵਾਰਾਂ ਨੂੰ ਜਲਦੀ ਮੁਆਵਜ਼ਾ ਦਿੱਤਾ ਜਾਵੇਗਾ। ਉਹਨਾਂ ਕਿਹਾ ਕਿ ਮੈਂ ਆਪਣੇ ਹਲਕੇ ਦੇ ਲੋਕਾਂ ਦੇ ਦੁੱਖ-ਸੁੱਖ ਵਿੱਚ ਹਮੇਸ਼ਾ ਨਾਲ ਖੜ੍ਹੀ ਹਾਂ। ਇਸ ਮੌਕੇ ਪਿੰਡਾਂ ਦੇ ਸਰਪੰਚ, ਪੰਚ ਅਤੇ ਵੱਡੀ ਗਿਣਤੀ ਵਿੱਚ ਲੋਕ ਹਾਜ਼ਰ ਸਨ।
ਦੀ ਕੋਆਪਰੇਟਿਵ ਐਗਰੀਕਲਚਰਲ ਸਰਵਿਸ ਸੁਸਾਇਟੀ ਲਿਮਿਟਡ ਲਿਹਾਸ ਕਲਾਂ ਪਿੰਡ : ਵਿਰਕ ਕੋਆਪਰੇਟਿਵ ਸੁਸਾਇਟੀ ਦੀ ਆਮ ਮੀਟਿੰਗ ਮਿਤੀ 10.10.2025 ਨੂੰ ਸਵੇਰੇ 11:00 ਵਜੇ ਸੁਸਾਇਟੀ ਦੇ ਦਫ਼ਤਰ ਵਿਖੇ ਹੋਵੇਗੀ। ਸਾਰੇ ਮੈਂਬਰਾਂ ਨੂੰ ਬੇਨਤੀ ਹੈ ਕਿ ਸਮੇਂ ਸਿਰ ਪਹੁੰਚਣ ਦੀ ਕਿਰਪਾਲਤਾ ਕਰਨ। ਸੁਸਾਇਟੀ ਦੇ ਬਕਾਏ ਦਾ ਨਿਪਟਾਰਾ ਕਰਕੇ ਨੋ ਡਿਊ ਸਰਟੀਫਿਕੇਟ ਪ੍ਰਾਪਤ ਕੀਤਾ ਜਾ ਸਕਦਾ ਹੈ।
ਪ੍ਰਧਾਨ ਸਕੱਤਰ ਸਿੰਘ 7269840000
Public Notice
We Raman Kataria & Amit Kataria S/o Vazirafi Kataria R/o Mandi Chakki Wali Gali Talwandi Bhai Teh & Distt Ferozepur State Punjab, declare that a property area 691 Marlas total 3 Kanals Comprised of 29/16000 Share No. Khewat No. 557 Khatoni No. 887 Mustil No. 50 Killa No. 1(8-0) Hadbast No. 169 Jamabandi Year 2019-2020 its Boundries East side Baij Nath West Side Rasta South side Bahinder Singh north side Hans Raj situated at New Abadi near DAV Colony Talwandi Bhai Distt. Ferozepur is owned by us and have purchased from Ashwani Kumar S/o Bal Krishan R/o Mandi Di Chakki Wali Gali Talwandi Bhai Distt. Ferozepur Vasika No. 2021-22/188/1731 dated 13-12-2021 Book No. 01. That we want to apply for home loan from Punjab National Bank Branch Talwandi Bhai District Ferozepur. That if anybody have any objection regarding above said loan please contact to bank within 15 days from the publication.
Public Notice
ਮੈਂ ਨਵਦੀਪ ਕੌਰ ਪਤਨੀ ਹਰਪ੍ਰੀਤ ਸਿੰਘ ਵਾਸੀ ਪਿੰਡ ਕਿਲਾ ਰਾਏਪੁਰ ਤਹਿਸੀਲ ਅਤੇ ਜ਼ਿਲ੍ਹਾ ਲੁਧਿਆਣਾ ਆਮ ਜਨਤਾ ਨੂੰ ਸੂਚਿਤ ਕਰਦੀ ਹਾਂ ਕਿ ਮੇਰੇ ਪਲਾਟ ਦੀ ਅਸਲ ਰਜਿਸਟਰੀ ਨੰਬਰ 1997 ਦੀ ਗੁੰਮ ਹੋ ਗਈ ਹੈ। ਜਿਸ ਕਿਸੇ ਨੂੰ ਮਿਲੇ ਉਹ ਮੇਰੇ ਨਾਲ ਸੰਪਰਕ ਕਰੇ। ਜੇਕਰ ਕਿਸੇ ਨੂੰ ਕੋਈ ਇਤਰਾਜ਼ ਹੋਵੇ ਤਾਂ 15 ਦਿਨਾਂ ਦੇ ਅੰਦਰ ਦੱਸੇ।
ਪਬਲਿਕ ਨੋਟਿਸ — ਮੈਂ ਪਰਮਜੀਤ ਕੌਰ ਪਤਨੀ ਸਵ. ਗੁਰਮੀਤ ਸਿੰਘ ਵਾਸੀ ਪਿੰਡ ਗੁਰੂਸਰ ਸੁਧਾਰ ਤਹਿਸੀਲ ਰਾਏਕੋਟ ਜ਼ਿਲ੍ਹਾ ਲੁਧਿਆਣਾ ਆਮ ਜਨਤਾ ਨੂੰ ਸੂਚਿਤ ਕਰਦੀ ਹਾਂ ਕਿ ਮੇਰੀ ਜ਼ਮੀਨ ਦੀ ਰਜਿਸਟਰੀ ਗੁੰਮ ਹੋ ਗਈ ਹੈ। ਜਿਸ ਕਿਸੇ ਨੂੰ ਮਿਲੇ ਉਹ ਮੇਰੇ ਨਾਲ ਸੰਪਰਕ ਕਰੇ।
PUBLIC NOTICE
Original Sale Deed No. 4371 Dated 03/09/2012 executed by Pushpa Rani in favour of Balwinder Kaur House measuring 50 Sq. Yards situated in Khasra No. 4281/min (0-1), Whereas Wharant No. 2843, Dated 05/09/2012 at Kalloo No 2, for the year 2013, Situated at Gali No. 9, Nanauna Road, Shaheed Bhagat Singh Nagar, Patti Jhutti, Bathinda currently owned by Sarit Kaur. Any person having any claim shall contact Singh Bank Financial Institution. In this regard Kapur Kaur Sonu Kaur Bohna. INDIA HFCL Bathinda, may respond or object within 03 Days, to Sh. P.P Singh, Advocate, Mob. No. 75080 11661.
Nilami Notice
ਸਰਕਾਰੀ ਪ੍ਰਾਇਮਰੀ ਸਕੂਲ ਪਿੰਡ ਦਿਆਲਪੁਰਾ ਵਿਖੇ ਸਕੂਲ ਦੇ ਖਸਤਾ ਹਾਲਤ ਕਮਰਿਆਂ ਦੇ ਮਲਬੇ ਦੀ ਨਿਲਾਮੀ ਮਿਤੀ 30/09/2025 ਨੂੰ ਸਵੇਰੇ 10:00 ਵਜੇ ਕੀਤੀ ਜਾਵੇਗੀ। ਚਾਹਵਾਨ ਵਿਅਕਤੀ ਸਮੇਂ ਸਿਰ ਪਹੁੰਚਣ।
ਮੁੱਖ ਅਧਿਆਪਕ ਮੋ: 9518118835
ਜਨਤਕ ਸੂਚਨਾ
ਮੈਂ, ਨਿਰਮਲ ਕੌਰ, ਧੀ ਅਮਰੀਕ ਰਾਮ (ਕਰਨਲ 7-ਬੀ, ਮਾਨਸ ਪਬਲਿਕ ਸਕੂਲ ਮਕਾਨ ਨੰਬਰ ਸਟੂਡੈਂਟ ਨਗਰ ਲੁਧਿਆਣਾ) ਆਮ ਜਨਤਾ ਨੂੰ ਸੂਚਿਤ ਕਰਦੀ ਹਾਂ ਕਿ ਮੇਰੇ ਪੁੱਤਰ ਦਾ ਪਾਸਪੋਰਟ ਗੁੰਮ ਹੋ ਗਿਆ ਹੈ ਜਿਸ ਦਾ ਨੰਬਰ 26-12-2012 ਜਾਰੀ ਕੀਤਾ ਗਿਆ ਸੀ। ਜਿਸ ਕਿਸੇ ਨੂੰ ਮਿਲੇ ਉਹ ਮੇਰੇ ਨਾਲ ਸੰਪਰਕ ਕਰੇ। 7171
ਆਮ ਸੂਚਨਾ
• ਅਸੀਂ, ਕੁਲਵਿੰਦਰ ਸ਼ਰਮਾ ਪੁੱਤਰ ਪ੍ਰਦੀਪ ਸ਼ਰਮਾ ਵਾ ਤ੍ਰਿਪਤਾ ਸ਼ਰਮਾ ਪਤਨੀ ਵਾਸੀ ਮਕਾਨ ਨੰਬਰ 2010 ਗਲੀ ਨੰਬਰ 2 ਨੇੜੇ ਸ਼ਿਵ ਪੁਰੀ ਲੁਧਿਆਣਾ ਸੂਚਿਤ ਕਰਦੇ ਹਾਂ ਕਿ ਸਾਡੇ ਬੱਚੇ ਦਾ ਜਨਮ ਸਰਟੀਫਿਕੇਟ ਗੁੰਮ ਹੋ ਗਿਆ ਹੈ। 7171
• ਮੈਂ ਕਰਮਜੀਤ ਕੌਰ ਪਤਨੀ ਵਾਸੀ ਮਕਾਨ ਨੰ. 311/2, ਅਮਰਨਗਰ ਲੁਧਿਆਣਾ ਨੇ ਆਪਣੀ ਲੜਕੀ ਦਾ ਜਨਮ ਮਿਤੀ 11-09-2010 ਤੋਂ ਬਦਲ ਕੇ ਠੀਕ ਕਰਵਾ ਲਿਆ ਹੈ।
• ਮੈਂ ਜਸਵੀਰ ਸਿੰਘ ਪੁੱਤਰ ਅਮਰ ਸਿੰਘ ਵਾਸੀ ਪਿੰਡ ਹਿੱਸੋਵਾਲ ਨੇ ਆਪਣੀ ਜਨਮ ਮਿਤੀ 03-01-1997 ਨੂੰ ਠੀਕ ਕਰਵਾ ਲਿਆ ਹੈ।
• ਮੈਂ ਮਨਦੀਪ ਸਿੰਘ ਪੁੱਤਰ ਨਛੱਤਰ ਸਿੰਘ ਵਾਸੀ ਪਿੰਡ ਚੱਕ ਤਹਿਸੀਲ ਅਤੇ ਜ਼ਿਲ੍ਹਾ ਸੰਗਰੂਰ ਨੇ ਆਪਣਾ ਆਧਾਰ ਕਾਰਡ ਨੰਬਰ 3753212 ਠੀਕ ਕਰਵਾ ਲਿਆ ਹੈ।
• ਮੈਂ ਗੁਰਮੀਤ ਸਿੰਘ ਵਾਸੀ ਗਲੀ ਨੰਬਰ 1 ਮਿੱਠੂ ਬਸਤੀ ਨੇ ਆਪਣੇ ਪੁੱਤਰ ਦਾ ਜਨਮ ਮਿਤੀ ਠੀਕ ਕਰਵਾ ਲਿਆ ਹੈ।
• ਮੈਂ ਹਰਿੰਦਰ ਕੁਮਾਰ ਪੁੱਤਰ ਸ਼ੇਰ ਸਿੰਘ ਵਾਸੀ ਪ੍ਰੀਤ ਨਗਰ ਨੇ ਆਪਣੀ ਜਨਮ ਮਿਤੀ 26-11-1992 ਤੋਂ ਬਦਲ ਕੇ 26-11-1985 ਕਰ ਲਈ ਹੈ।
ਮੋਟਰ ਕੁਨੈਕਸ਼ਨ...
ਹਿੱਸੇਦਾਰ ਦਿਲਬਾਗ ਸਿੰਘ ਪੁੱਤਰ ਸਵਰਨ ਸਿੰਘ ਵਾਸੀ ਪਿੰਡ ਲਾਲਪੁਰ ਸੂਚਿਤ ਕਰਦਾ ਹਾਂ ਕਿ ਮੇਰਾ ਟਿਊਬਵੈੱਲ ਮੋਟਰ ਕੁਨੈਕਸ਼ਨ ਨੰਬਰ RAAP/66 ਮੇਰੇ ਨਾਮ ਤਬਦੀਲ ਕੀਤਾ ਜਾ ਰਿਹਾ ਹੈ। ਜੇਕਰ ਕਿਸੇ ਨੂੰ ਕੋਈ ਇਤਰਾਜ਼ ਹੋਵੇ ਤਾਂ ਉਹ 15 ਦਿਨਾਂ ਦੇ ਅੰਦਰ ਐਸ.ਡੀ.ਓ. ਦਫ਼ਤਰ ਪੀ.ਐਸ.ਪੀ.ਸੀ.ਐਲ. ਨਾਲ ਸੰਪਰਕ ਕਰੇ।
ਸਬੰਧਿਤ ਬਲਜਿੰਦਰ ਸਿੰਘ
ਗੁੰਮਸ਼ੁਦਗੀ...
ਇਹ ਨੌਜਵਾਨ ਨਾਮ ਜਗਦੀਪ ਸਿੰਘ ਪੁੱਤਰ ਭਰਪੂਰ ਸਿੰਘ ਵਾਸੀ ਪਿੰਡ ਲੋਹਗੜ੍ਹ, ਕੱਦ 5 ਫੁੱਟ 3 ਇੰਚ, ਉਮਰ 28 ਸਾਲ, ਮਿਤੀ 22-09-2025 ਨੂੰ ਘਰੋਂ ਬਿਨਾਂ ਦੱਸੇ ਚਲਾ ਗਿਆ ਹੈ ਅਤੇ ਵਾਪਸ ਨਹੀਂ ਆਇਆ। ਜਿਸ ਕਿਸੇ ਨੂੰ ਵੀ ਇਸ ਬਾਰੇ ਜਾਣਕਾਰੀ ਮਿਲੇ ਉਹ ਹੇਠ ਲਿਖੇ ਨੰਬਰਾਂ ਤੇ ਸੰਪਰਕ ਕਰੇ।
ਸੰਪਰਕ ਨੰਬਰ :8300037037, 99157 07365
ਨਿਲਾਮੀ ਨੋਟਿਸ
ਸਰਕਾਰੀ ਹਾਈ ਸਕੂਲ ਪਿੰਡ ਕਰਨਾਲਾ ਵਿਖੇ ਪੁਰਾਣੇ ਦਰਖਤਾਂ ਦੀ ਨਿਲਾਮੀ ਮਿਤੀ 30-09-2025 ਨੂੰ ਸਵੇਰੇ 10 ਵਜੇ ਕੀਤੀ ਜਾਵੇਗੀ। ਸੰਪਰਕ: 9463494050
ਇਸ਼ਤਿਹਾਰਾਂ ਸੰਬੰਧੀ ਜ਼ਰੂਰੀ ਬੇਨਤੀ
ਅਦਾਰਾ 'ਹੱਕ ਸੱਚ ਦਾ ਪਹਿਰੇਦਾਰ' ਅਖ਼ਬਾਰ ਵਿੱਚ ਛਪਣ ਵਾਲੇ ਇਸ਼ਤਿਹਾਰਾਂ ਦੀ ਜ਼ਿੰਮੇਵਾਰੀ ਇਸ਼ਤਿਹਾਰ ਦੇਣ ਵਾਲੇ ਦੀ ਹੋਵੇਗੀ। ਪਾਠਕਾਂ ਨੂੰ ਬੇਨਤੀ ਹੈ ਕਿ ਕਿਸੇ ਵੀ ਇਸ਼ਤਿਹਾਰ ਉੱਤੇ ਕਾਰਵਾਈ ਕਰਨ ਤੋਂ ਪਹਿਲਾਂ ਉਸ ਦੀ ਪੂਰੀ ਜਾਂਚ ਕਰ ਲੈਣ।
ਮੈਨੇਜਰ
ਇਸ਼ਤਿਹਾਰ ਅਤੇ ਕਲਾਸੀਫਾਈਡ ਕੇਵਲ ਅਦਾਰਾ 'ਪਹਿਰੇਦਾਰ' ਦੀ ਈ-ਮੇਲ	rozanapehredaradvt@gmail.com 'ਤੇ ਹੀ ਭੇਜੇ ਜਾਣ।
